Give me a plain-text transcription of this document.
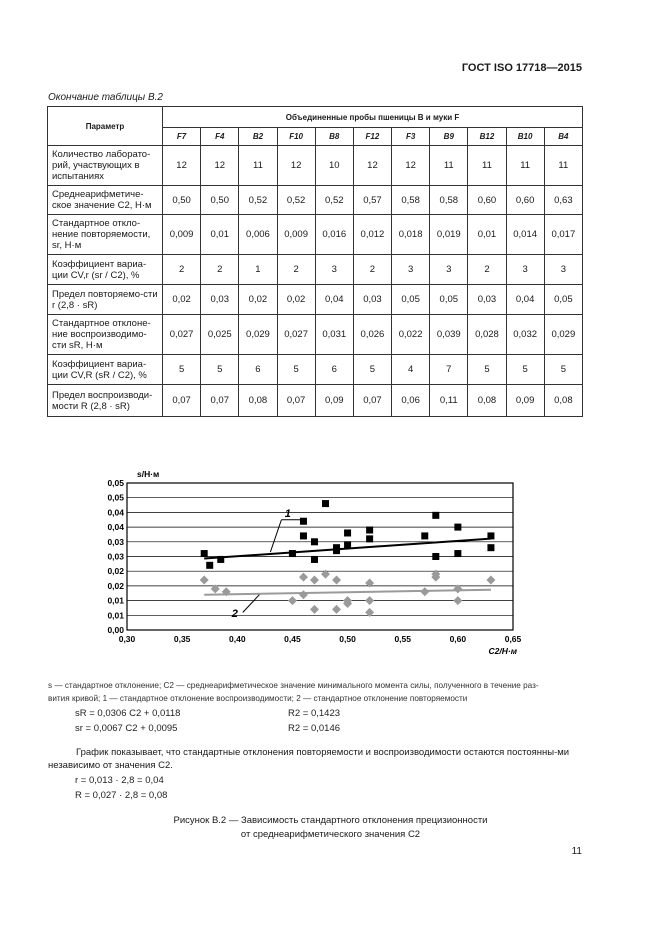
ГОСТ ISO 17718—2015
Окончание таблицы В.2
Параметр	Объединенные пробы пшеницы B и муки F										
	F7	F4	B2	F10	B8	F12	F3	B9	B12	B10	B4
Количество лаборато-рий, участвующих в испытаниях	12	12	11	12	10	12	12	11	11	11	11
Среднеарифметиче-ское значение C2, Н·м	0,50	0,50	0,52	0,52	0,52	0,57	0,58	0,58	0,60	0,60	0,63
Стандартное откло-нение повторяемости, sr, Н·м	0,009	0,01	0,006	0,009	0,016	0,012	0,018	0,019	0,01	0,014	0,017
Коэффициент вариа-ции CV,r (sr / C2), %	2	2	1	2	3	2	3	3	2	3	3
Предел повторяемо-сти r (2,8 · sR)	0,02	0,03	0,02	0,02	0,04	0,03	0,05	0,05	0,03	0,04	0,05
Стандартное отклоне-ние воспроизводимо-сти sR, Н·м	0,027	0,025	0,029	0,027	0,031	0,026	0,022	0,039	0,028	0,032	0,029
Коэффициент вариа-ции CV,R (sR / C2), %	5	5	6	5	6	5	4	7	5	5	5
Предел воспроизводи-мости R (2,8 · sR)	0,07	0,07	0,08	0,07	0,09	0,07	0,06	0,11	0,08	0,09	0,08
0,00
0,01
0,01
0,02
0,02
0,03
0,03
0,04
0,04
0,05
0,05
0,30	0,35	0,40	0,45	0,50	0,55	0,60	0,65
s/Н·м
C2/Н·м
1
2
s — стандартное отклонение; C2 — среднеарифметическое значение минимального момента силы, полученного в течение раз-
вития кривой; 1 — стандартное отклонение воспроизводимости; 2 — стандартное отклонение повторяемости
sR = 0,0306 C2 + 0,0118	R2 = 0,1423
sr = 0,0067 C2 + 0,0095	R2 = 0,0146
График показывает, что стандартные отклонения повторяемости и воспроизводимости остаются постоянны-ми независимо от значения C2.
r = 0,013 · 2,8 = 0,04
R = 0,027 · 2,8 = 0,08
Рисунок В.2 — Зависимость стандартного отклонения прецизионности
от среднеарифметического значения C2
11
